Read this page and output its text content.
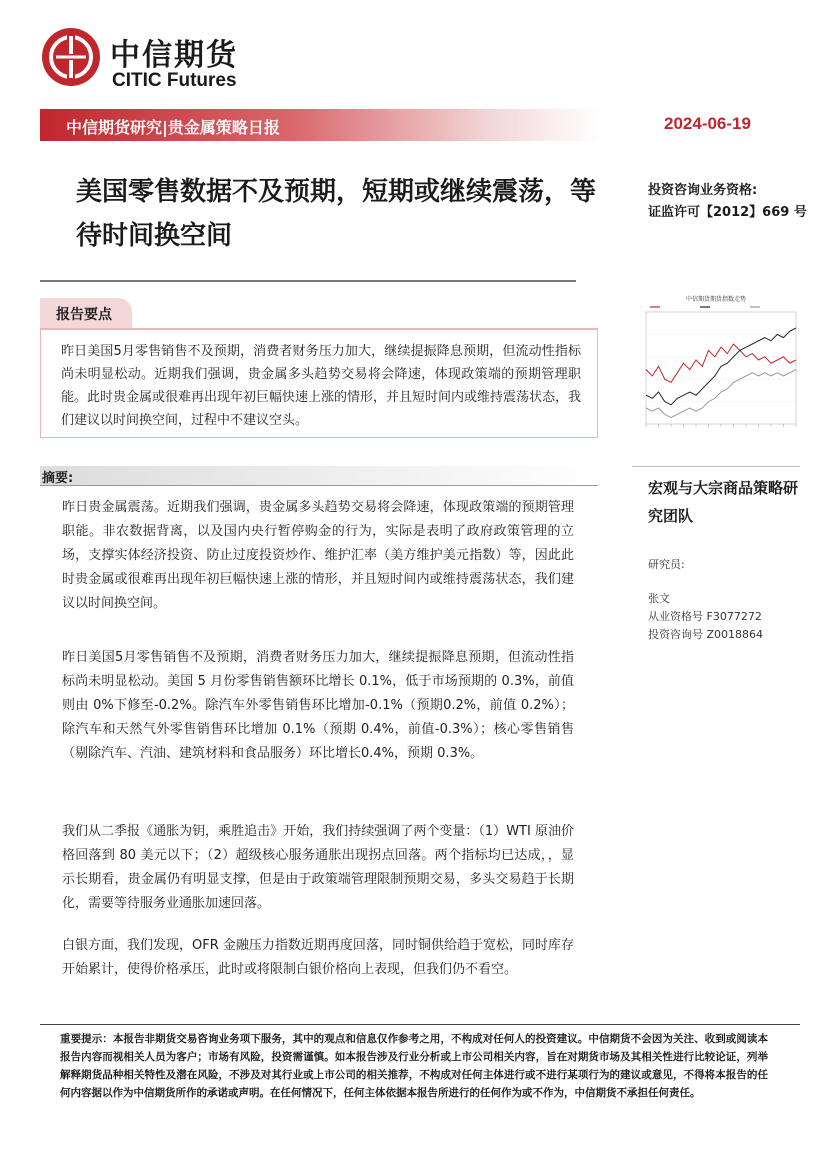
中信期货
CITIC Futures
中信期货研究|贵金属策略日报	2024-06-19
美国零售数据不及预期，短期或继续震荡，等待时间换空间
投资咨询业务资格:
证监许可【2012】669 号
报告要点
昨日美国5月零售销售不及预期，消费者财务压力加大，继续提振降息预期，但流动性指标尚未明显松动。近期我们强调，贵金属多头趋势交易将会降速，体现政策端的预期管理职能。此时贵金属或很难再出现年初巨幅快速上涨的情形，并且短时间内或维持震荡状态，我们建议以时间换空间，过程中不建议空头。
中信期货期货指数走势
摘要:
昨日贵金属震荡。近期我们强调，贵金属多头趋势交易将会降速，体现政策端的预期管理职能。非农数据背离，以及国内央行暂停购金的行为，实际是表明了政府政策管理的立场，支撑实体经济投资、防止过度投资炒作、维护汇率（美方维护美元指数）等，因此此时贵金属或很难再出现年初巨幅快速上涨的情形，并且短时间内或维持震荡状态，我们建议以时间换空间。
昨日美国5月零售销售不及预期，消费者财务压力加大，继续提振降息预期，但流动性指标尚未明显松动。美国 5 月份零售销售额环比增长 0.1%，低于市场预期的 0.3%，前值则由 0%下修至-0.2%。除汽车外零售销售环比增加-0.1%（预期0.2%，前值 0.2%）；除汽车和天然气外零售销售环比增加 0.1%（预期 0.4%，前值-0.3%）；核心零售销售（剔除汽车、汽油、建筑材料和食品服务）环比增长0.4%，预期 0.3%。
我们从二季报《通胀为钥，乘胜追击》开始，我们持续强调了两个变量：（1）WTI 原油价格回落到 80 美元以下；（2）超级核心服务通胀出现拐点回落。两个指标均已达成，，显示长期看，贵金属仍有明显支撑，但是由于政策端管理限制预期交易，多头交易趋于长期化，需要等待服务业通胀加速回落。
白银方面，我们发现，OFR 金融压力指数近期再度回落，同时铜供给趋于宽松，同时库存开始累计，使得价格承压，此时或将限制白银价格向上表现，但我们仍不看空。
宏观与大宗商品策略研究团队
研究员:
张文
从业资格号 F3077272
投资咨询号 Z0018864
重要提示：本报告非期货交易咨询业务项下服务，其中的观点和信息仅作参考之用，不构成对任何人的投资建议。中信期货不会因为关注、收到或阅读本报告内容而视相关人员为客户；市场有风险，投资需谨慎。如本报告涉及行业分析或上市公司相关内容，旨在对期货市场及其相关性进行比较论证，列举解释期货品种相关特性及潜在风险，不涉及对其行业或上市公司的相关推荐，不构成对任何主体进行或不进行某项行为的建议或意见，不得将本报告的任何内容据以作为中信期货所作的承诺或声明。在任何情况下，任何主体依据本报告所进行的任何作为或不作为，中信期货不承担任何责任。
